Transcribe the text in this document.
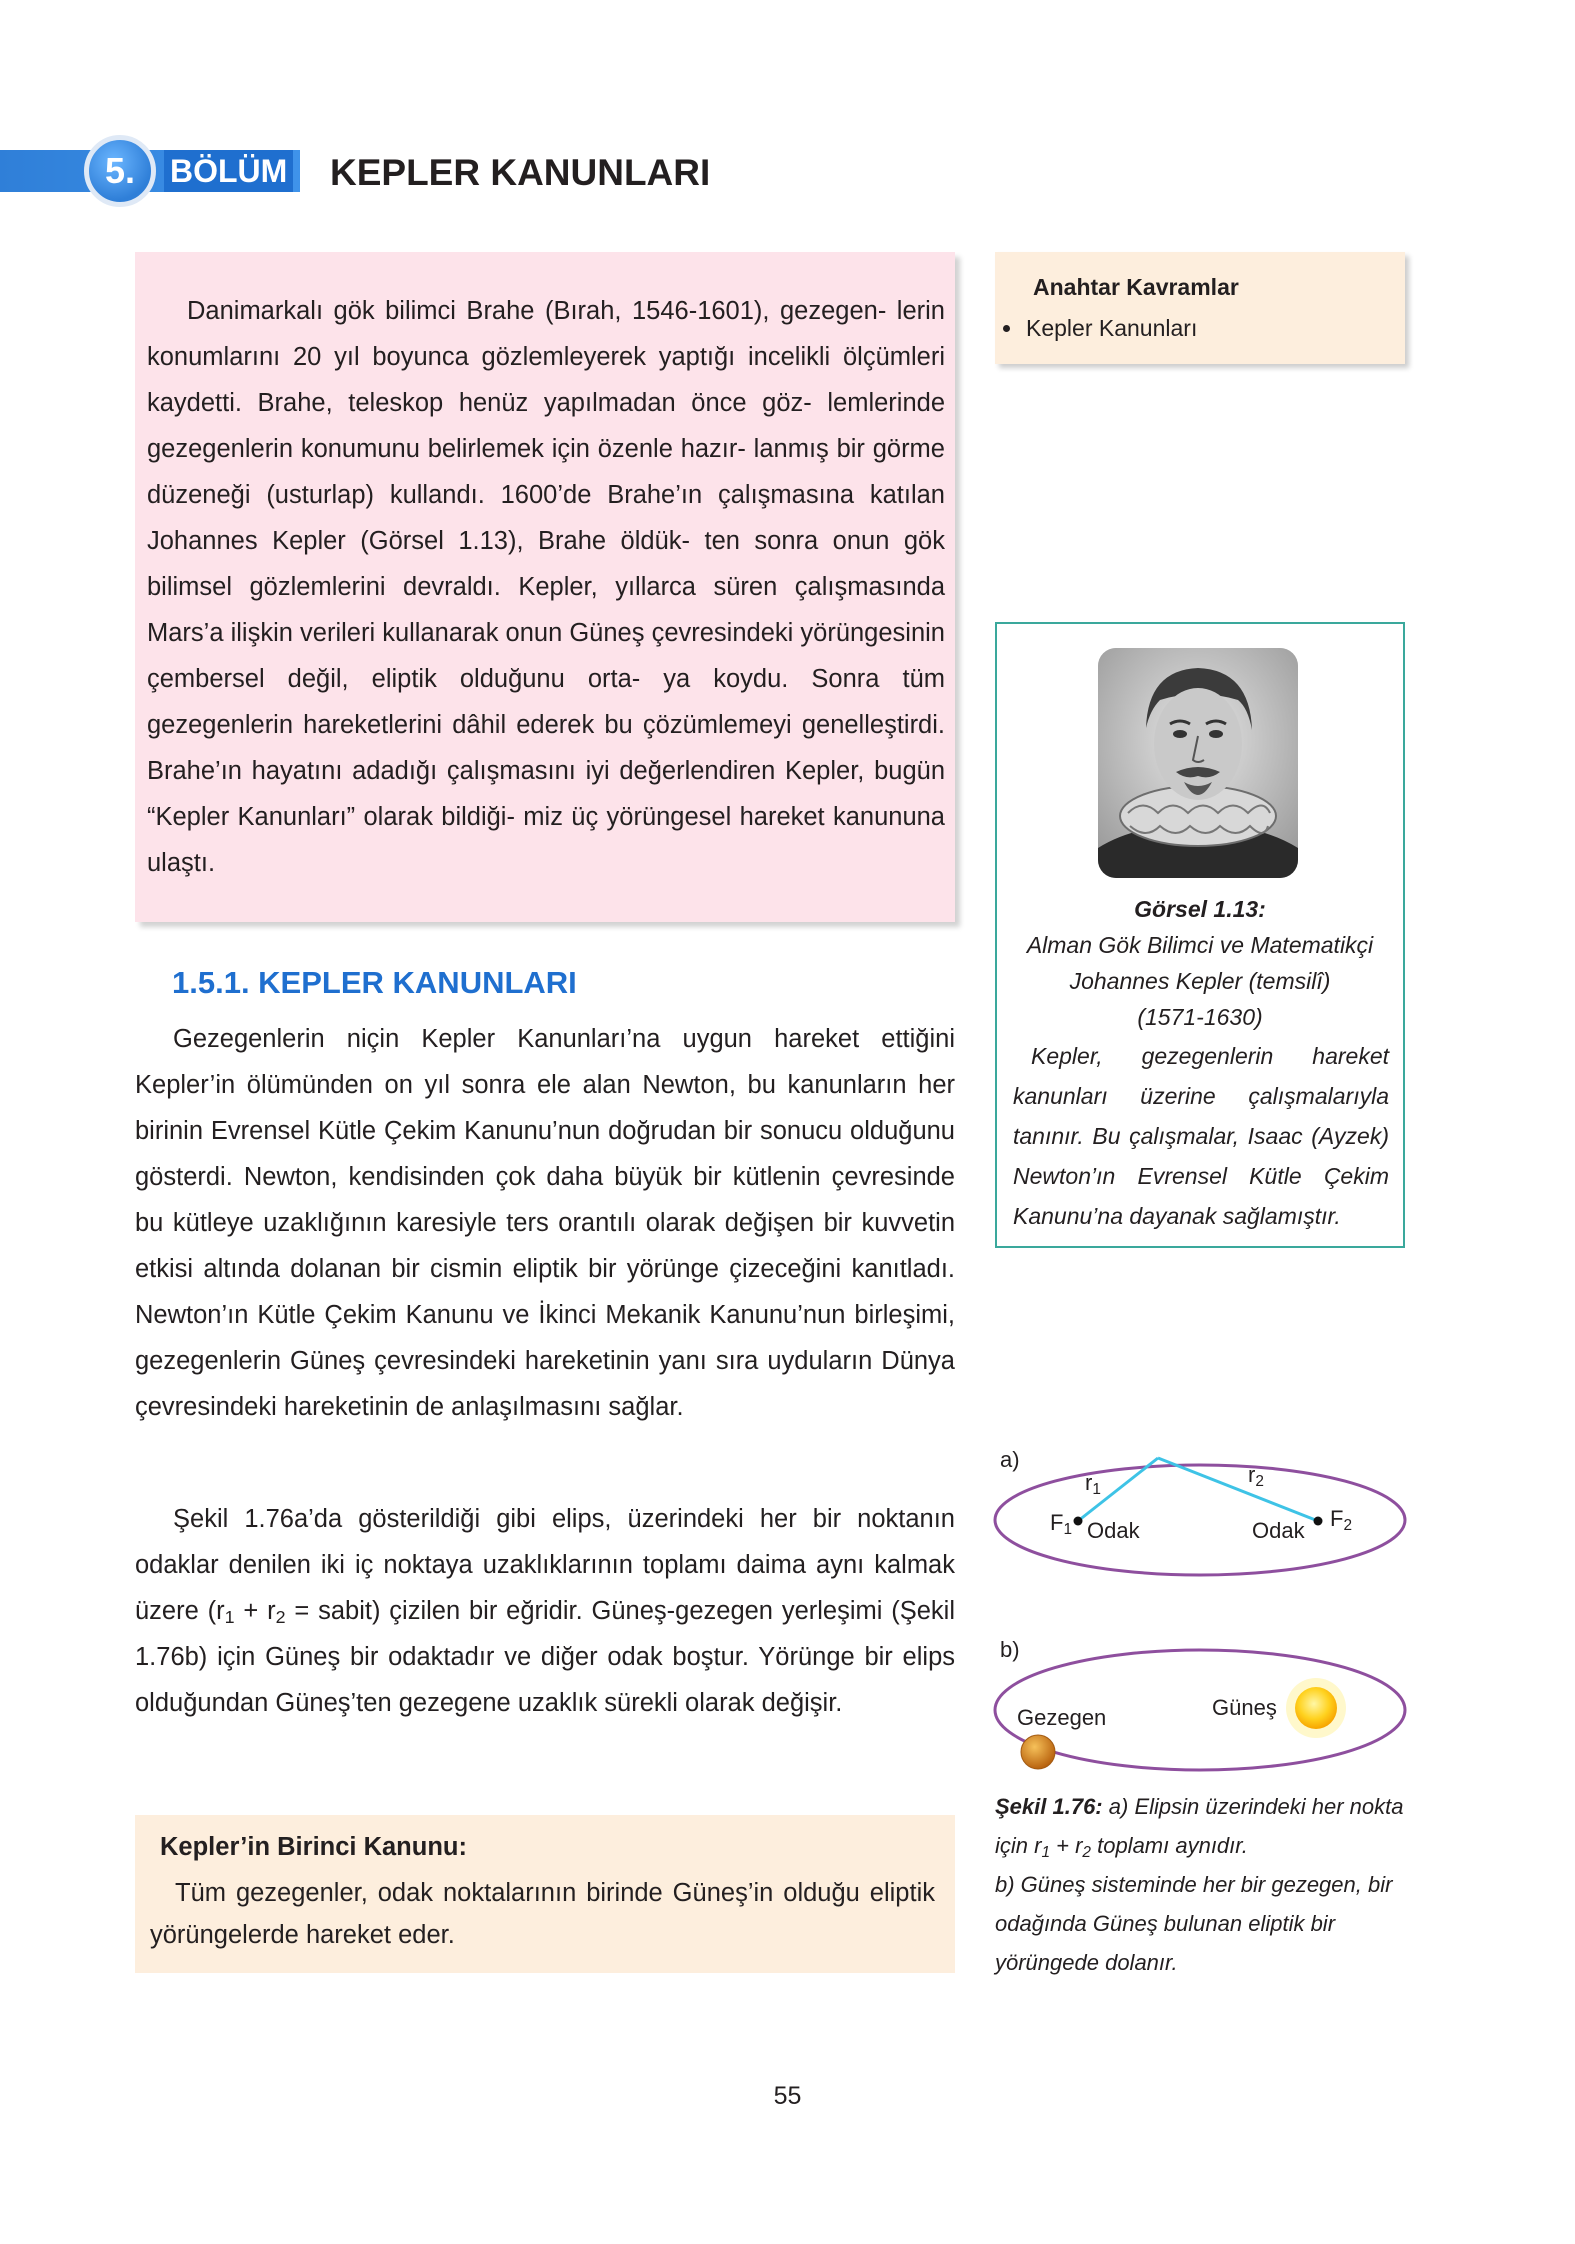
5.	BÖLÜM KEPLER KANUNLARI

Danimarkalı gök bilimci Brahe (Bırah, 1546-1601), gezegen- lerin konumlarını 20 yıl boyunca gözlemleyerek yaptığı incelikli ölçümleri kaydetti. Brahe, teleskop henüz yapılmadan önce göz- lemlerinde gezegenlerin konumunu belirlemek için özenle hazır- lanmış bir görme düzeneği (usturlap) kullandı. 1600’de Brahe’ın çalışmasına katılan Johannes Kepler (Görsel 1.13), Brahe öldük- ten sonra onun gök bilimsel gözlemlerini devraldı. Kepler, yıllarca süren çalışmasında Mars’a ilişkin verileri kullanarak onun Güneş çevresindeki yörüngesinin çembersel değil, eliptik olduğunu orta- ya koydu. Sonra tüm gezegenlerin hareketlerini dâhil ederek bu çözümlemeyi genelleştirdi. Brahe’ın hayatını adadığı çalışmasını iyi değerlendiren Kepler, bugün “Kepler Kanunları” olarak bildiği- miz üç yörüngesel hareket kanununa ulaştı.

Anahtar Kavramlar
Kepler Kanunları
Görsel 1.13:
Alman Gök Bilimci ve Matematikçi
Johannes Kepler (temsilî)
(1571-1630)
Kepler, gezegenlerin hareket kanunları üzerine çalışmalarıyla tanınır. Bu çalışmalar, Isaac (Ayzek) Newton’ın Evrensel Kütle Çekim Kanunu’na dayanak sağlamıştır.
1.5.1. KEPLER KANUNLARI

Gezegenlerin niçin Kepler Kanunları’na uygun hareket ettiğini Kepler’in ölümünden on yıl sonra ele alan Newton, bu kanunların her birinin Evrensel Kütle Çekim Kanunu’nun doğrudan bir sonucu olduğunu gösterdi. Newton, kendisinden çok daha büyük bir kütlenin çevresinde bu kütleye uzaklığının karesiyle ters orantılı olarak değişen bir kuvvetin etkisi altında dolanan bir cismin eliptik bir yörünge çizeceğini kanıtladı. Newton’ın Kütle Çekim Kanunu ve İkinci Mekanik Kanunu’nun birleşimi, gezegenlerin Güneş çevresindeki hareketinin yanı sıra uyduların Dünya çevresindeki hareketinin de anlaşılmasını sağlar.

Şekil 1.76a’da gösterildiği gibi elips, üzerindeki her bir noktanın odaklar denilen iki iç noktaya uzaklıklarının toplamı daima aynı kalmak üzere ($r_1 + r_2$ = sabit) çizilen bir eğridir. Güneş-gezegen yerleşimi (Şekil 1.76b) için Güneş bir odaktadır ve diğer odak boştur. Yörünge bir elips olduğundan Güneş’ten gezegene uzaklık sürekli olarak değişir.

Kepler’in Birinci Kanunu:

Tüm gezegenler, odak noktalarının birinde Güneş’in olduğu eliptik yörüngelerde hareket eder.

a)
$r_1$
$r_2$
$F_1$ Odak	Odak $F_2$
b)
Gezegen	Güneş
Şekil 1.76: a) Elipsin üzerindeki her nokta için $r_1 + r_2$ toplamı aynıdır.
b) Güneş sisteminde her bir gezegen, bir odağında Güneş bulunan eliptik bir yörüngede dolanır.
55
